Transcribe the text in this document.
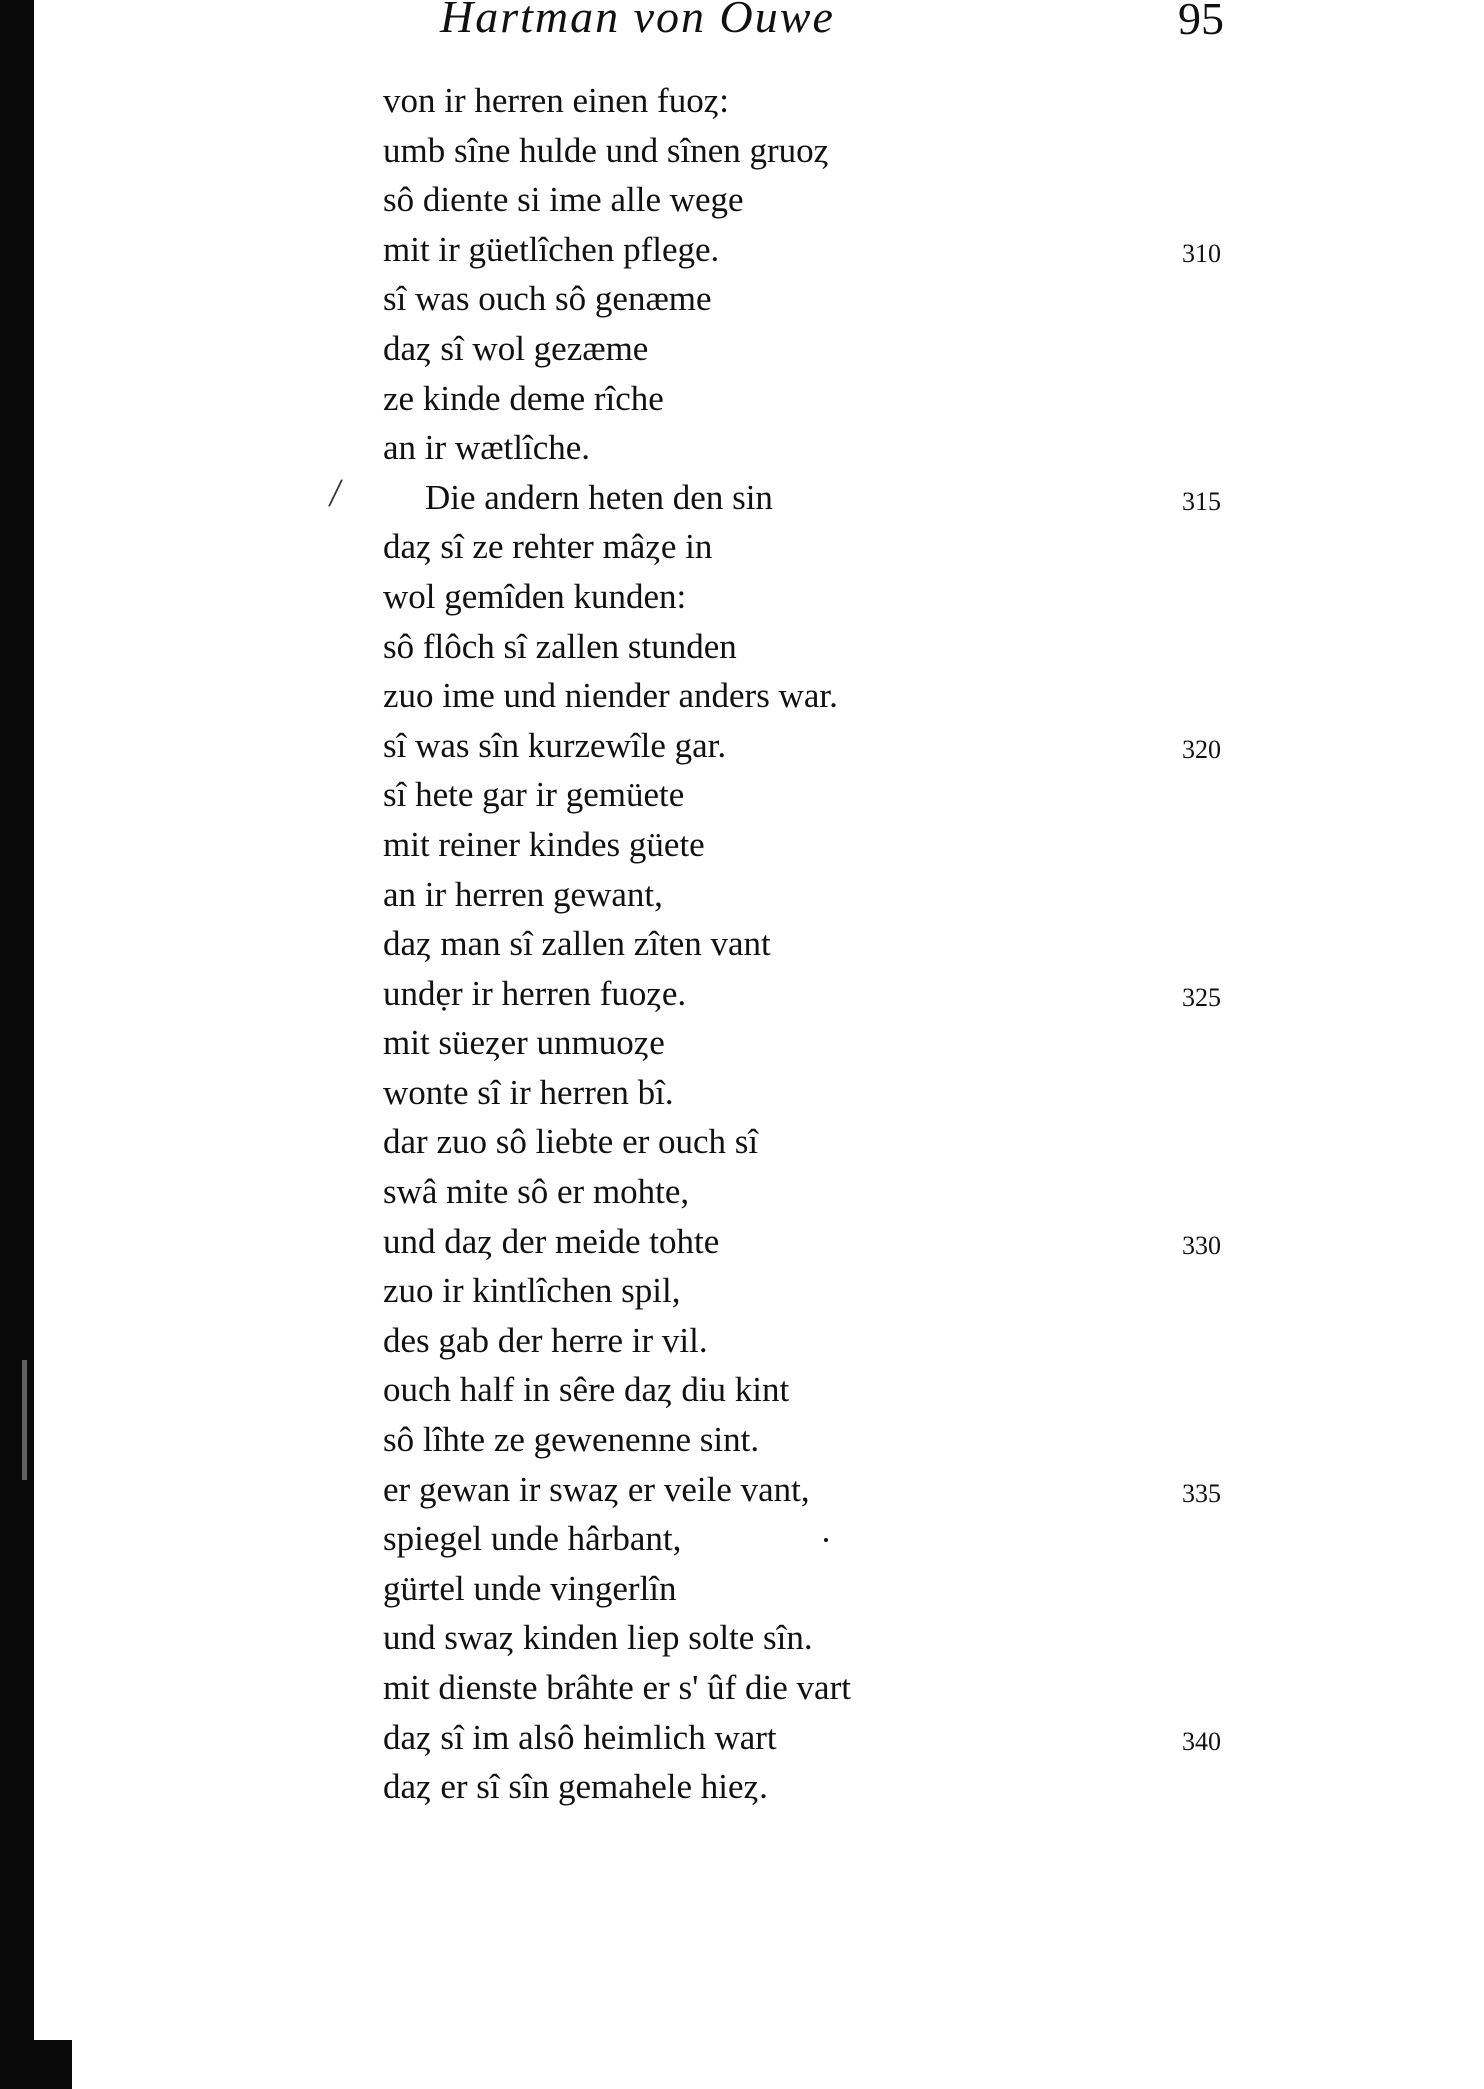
Hartman von Ouwe	95
von ir herren einen fuoȥ:
umb sîne hulde und sînen gruoȥ
sô diente si ime alle wege
mit ir güetlîchen pflege.	310
sî was ouch sô genæme
daȥ sî wol gezæme
ze kinde deme rîche
an ir wætlîche.
/ Die andern heten den sin	315
daȥ sî ze rehter mâȥe in
wol gemîden kunden:
sô flôch sî zallen stunden
zuo ime und niender anders war.
sî was sîn kurzewîle gar.	320
sî hete gar ir gemüete
mit reiner kindes güete
an ir herren gewant,
daȥ man sî zallen zîten vant
undẹr ir herren fuoȥe.	325
mit süeȥer unmuoȥe
wonte sî ir herren bî.
dar zuo sô liebte er ouch sî
swâ mite sô er mohte,
und daȥ der meide tohte	330
zuo ir kintlîchen spil,
des gab der herre ir vil.
ouch half in sêre daȥ diu kint
sô lîhte ze gewenenne sint.
er gewan ir swaȥ er veile vant,	335
spiegel unde hârbant,
gürtel unde vingerlîn
und swaȥ kinden liep solte sîn.
mit dienste brâhte er s' ûf die vart
daȥ sî im alsô heimlich wart	340
daȥ er sî sîn gemahele hieȥ.
